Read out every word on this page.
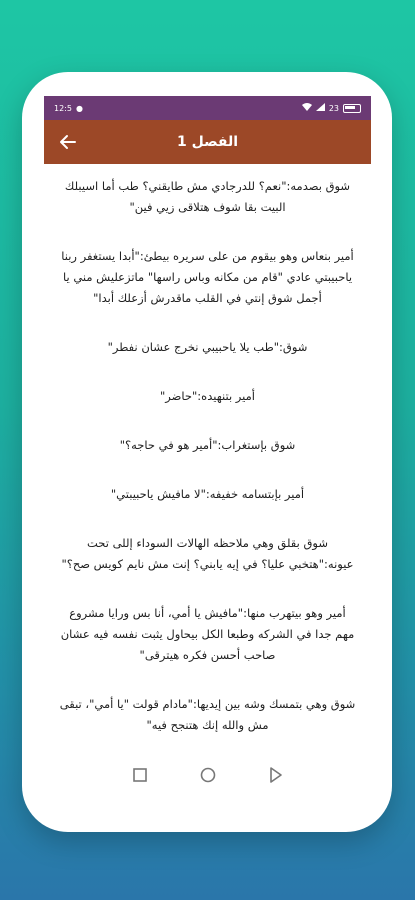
12:5 ●	23
الفصل 1

شوق بصدمه:"نعم؟ للدرجادي مش طايقني؟ طب أما اسيبلك البيت بقا شوف هتلاقى زيي فين"

أمير بنعاس وهو بيقوم من على سريره بيطئ:"أبدا يستغفر ربنا ياحبيبتي عادي "قام من مكانه وباس راسها" ماتزعليش مني يا أجمل شوق إنتي في القلب ماقدرش أزعلك أبدا"

شوق:"طب يلا ياحبيبي نخرج عشان نفطر"

أمير بتنهيده:"حاضر"

شوق بإستغراب:"أمير هو في حاجه؟"

أمير بإبتسامه خفيفه:"لا مافيش ياحبيبتي"

شوق بقلق وهي ملاحظه الهالات السوداء إللى تحت عيونه:"هتخبي عليا؟ في إيه يابني؟ إنت مش نايم كويس صح؟"

أمير وهو بيتهرب منها:"مافيش يا أمي، أنا بس ورايا مشروع مهم جدا في الشركه وطبعا الكل بيحاول يثبت نفسه فيه عشان صاحب أحسن فكره هيترقى"

شوق وهي بتمسك وشه بين إيديها:"مادام قولت "يا أمي"، تبقى مش والله إنك هتنجح فيه"
